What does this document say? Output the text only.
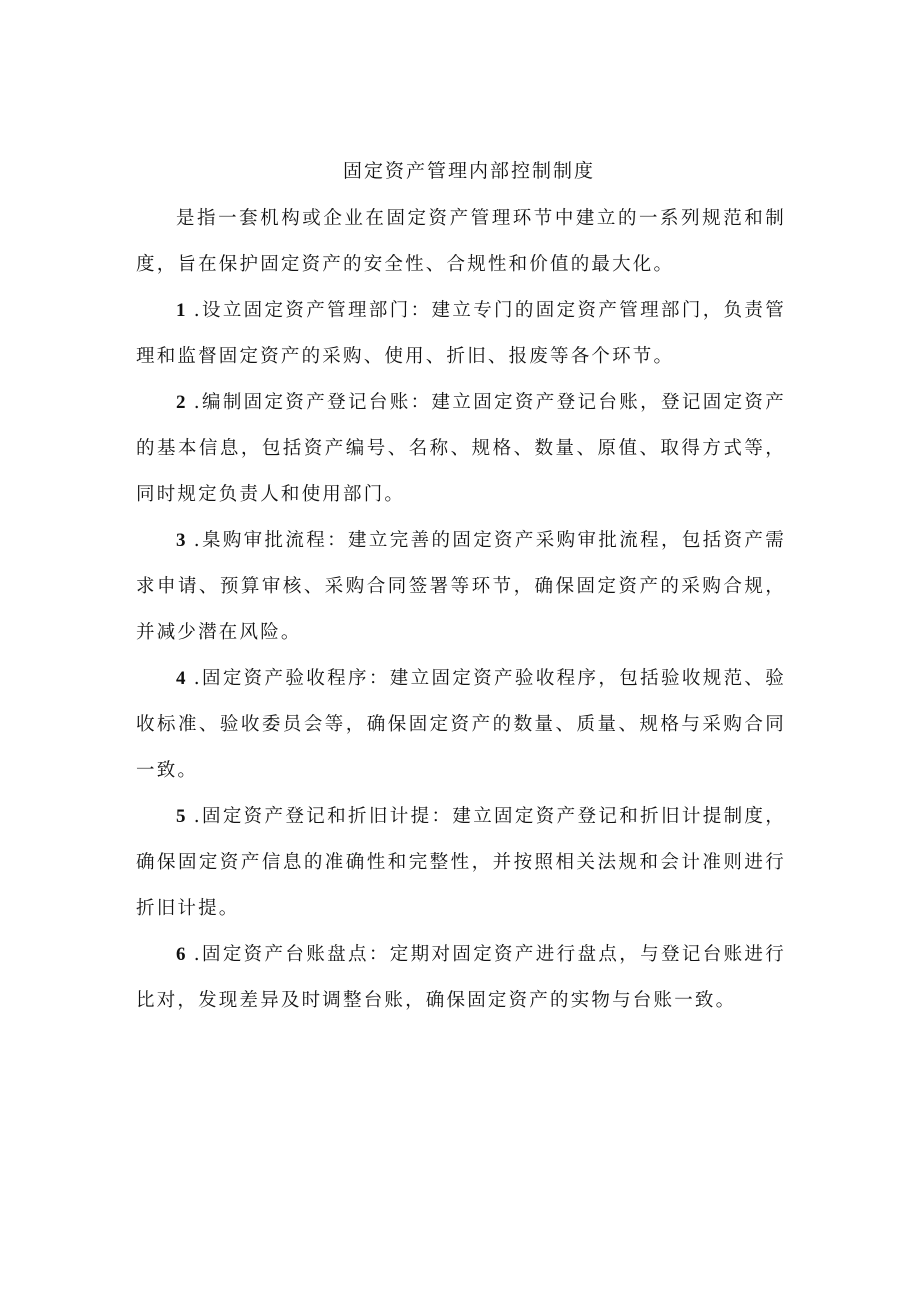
固定资产管理内部控制制度

是指一套机构或企业在固定资产管理环节中建立的一系列规范和制度，旨在保护固定资产的安全性、合规性和价值的最大化。

1 .设立固定资产管理部门：建立专门的固定资产管理部门，负责管理和监督固定资产的采购、使用、折旧、报废等各个环节。

2 .编制固定资产登记台账：建立固定资产登记台账，登记固定资产的基本信息，包括资产编号、名称、规格、数量、原值、取得方式等，同时规定负责人和使用部门。

3 .臬购审批流程：建立完善的固定资产采购审批流程，包括资产需求申请、预算审核、采购合同签署等环节，确保固定资产的采购合规，并减少潜在风险。

4 .固定资产验收程序：建立固定资产验收程序，包括验收规范、验收标准、验收委员会等，确保固定资产的数量、质量、规格与采购合同一致。

5 .固定资产登记和折旧计提：建立固定资产登记和折旧计提制度，确保固定资产信息的准确性和完整性，并按照相关法规和会计准则进行折旧计提。

6 .固定资产台账盘点：定期对固定资产进行盘点，与登记台账进行比对，发现差异及时调整台账，确保固定资产的实物与台账一致。
